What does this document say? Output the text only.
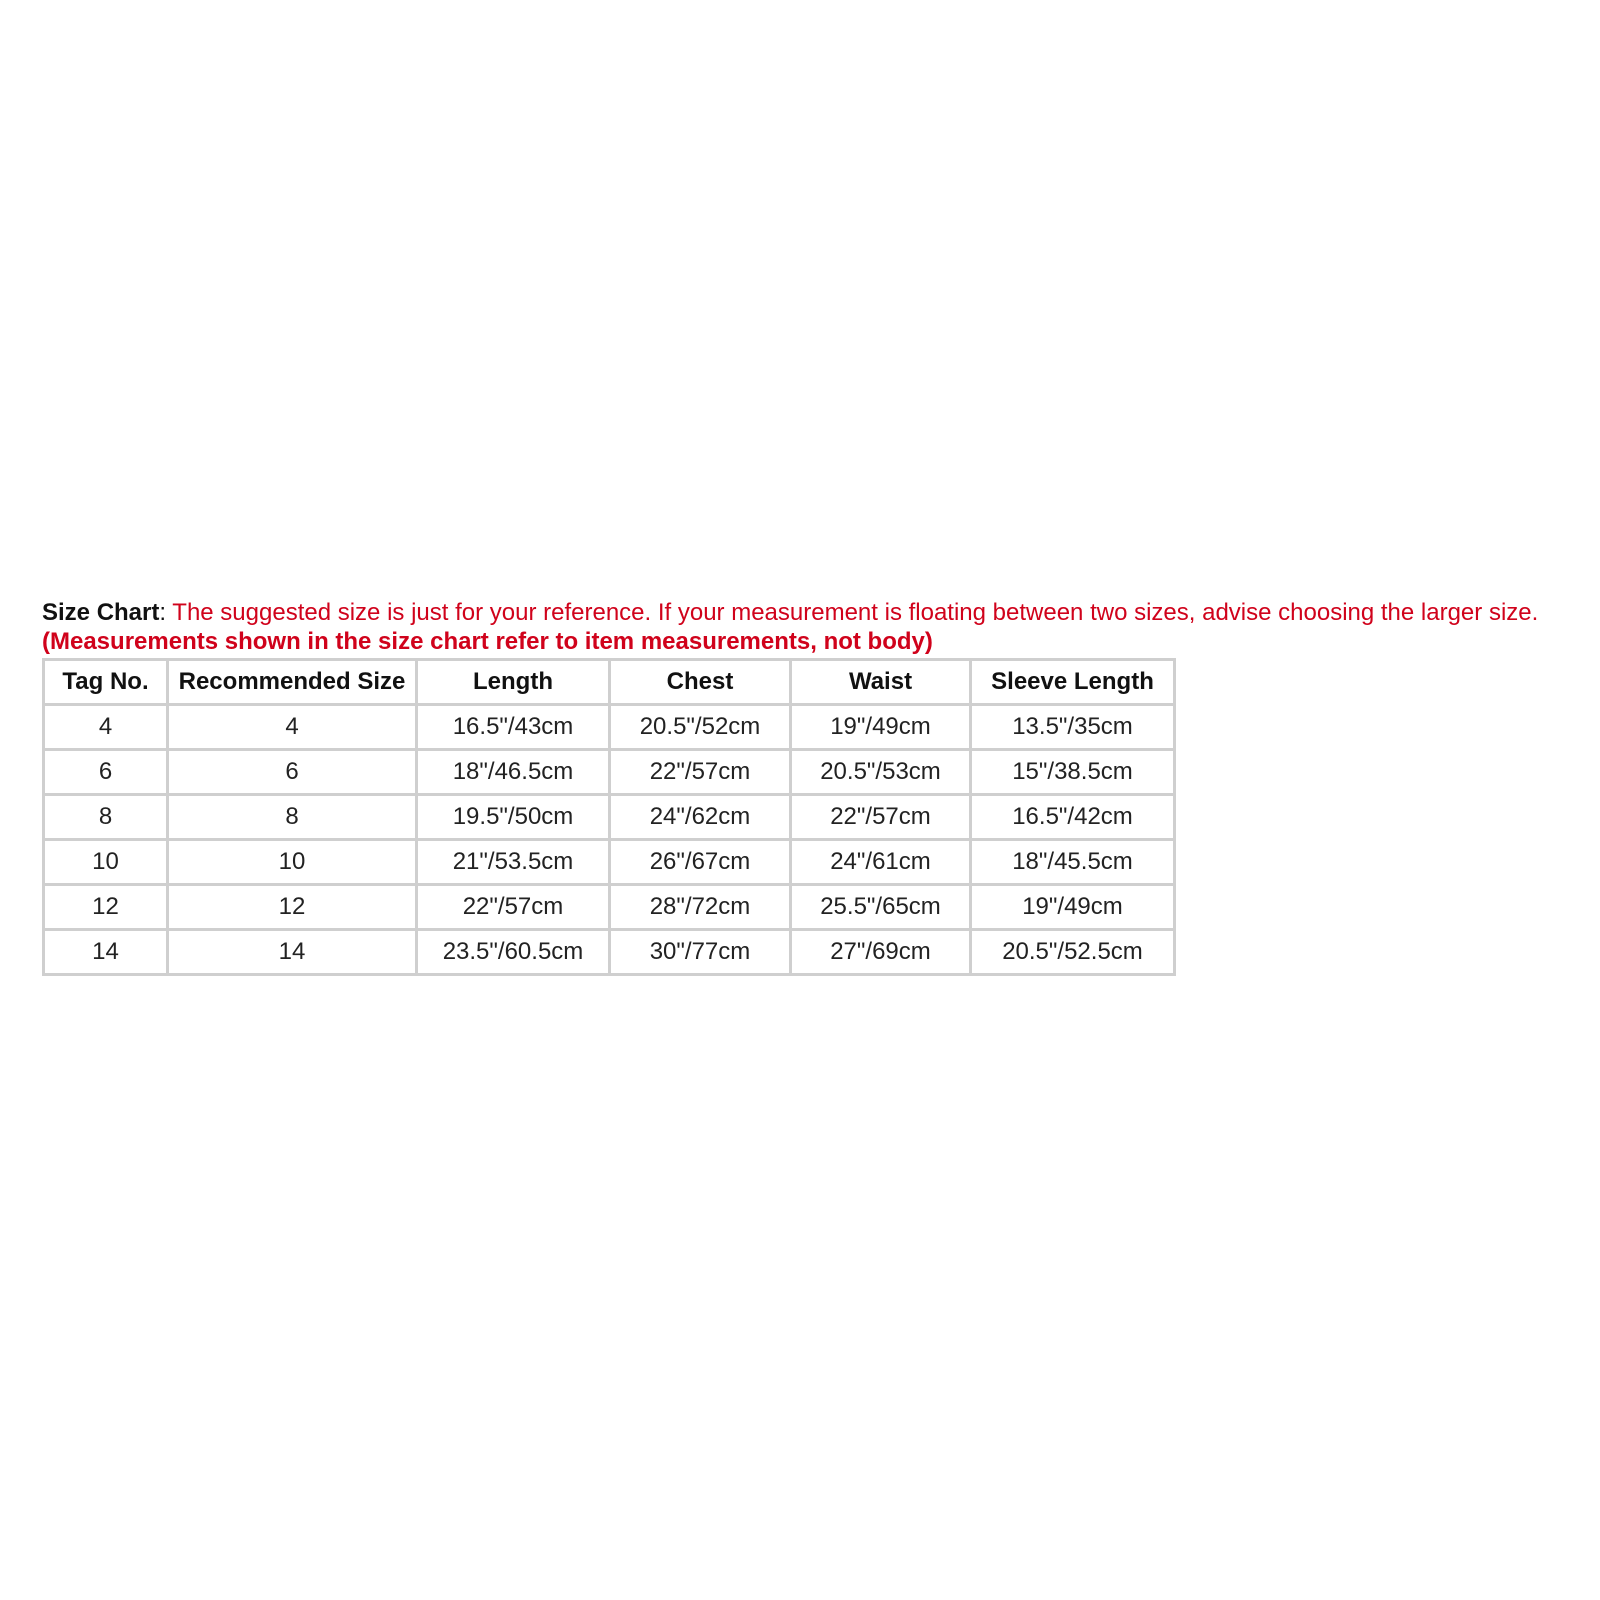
Size Chart: The suggested size is just for your reference. If your measurement is floating between two sizes, advise choosing the larger size. (Measurements shown in the size chart refer to item measurements, not body)
Tag No.	Recommended Size	Length	Chest	Waist	Sleeve Length
4	4	16.5"/43cm	20.5"/52cm	19"/49cm	13.5"/35cm
6	6	18"/46.5cm	22"/57cm	20.5"/53cm	15"/38.5cm
8	8	19.5"/50cm	24"/62cm	22"/57cm	16.5"/42cm
10	10	21"/53.5cm	26"/67cm	24"/61cm	18"/45.5cm
12	12	22"/57cm	28"/72cm	25.5"/65cm	19"/49cm
14	14	23.5"/60.5cm	30"/77cm	27"/69cm	20.5"/52.5cm
